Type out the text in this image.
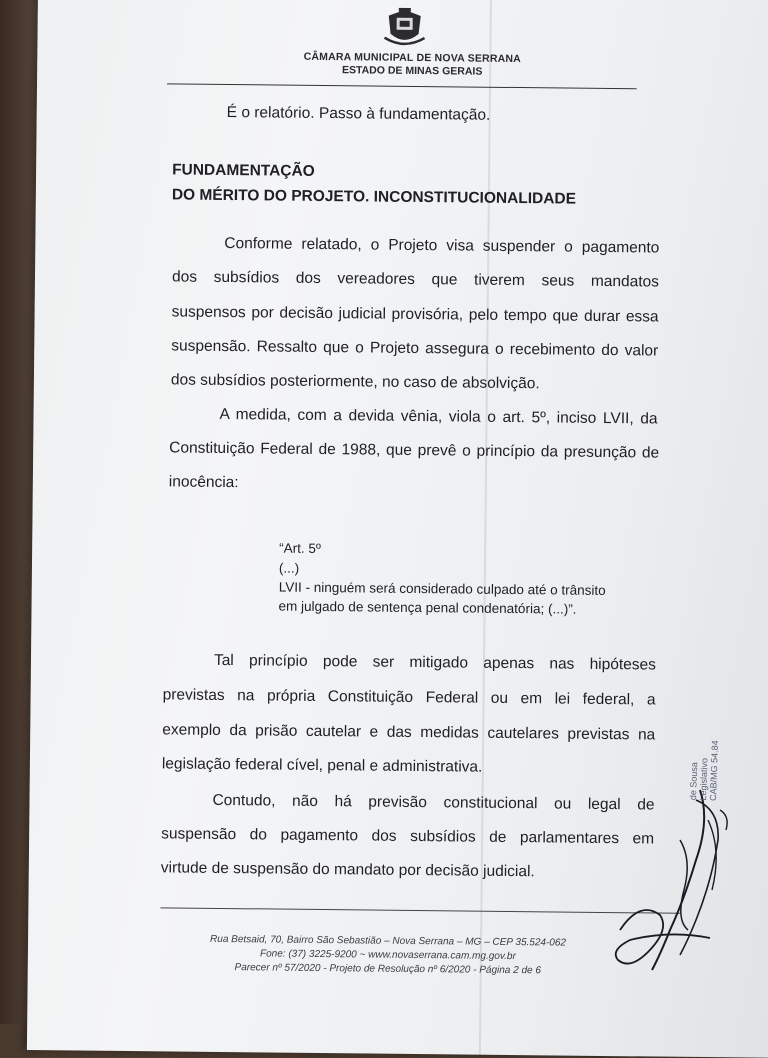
CÂMARA MUNICIPAL DE NOVA SERRANA
ESTADO DE MINAS GERAIS
É o relatório. Passo à fundamentação.
FUNDAMENTAÇÃO
DO MÉRITO DO PROJETO. INCONSTITUCIONALIDADE
Conforme relatado, o Projeto visa suspender o pagamento
dos subsídios dos vereadores que tiverem seus mandatos
suspensos por decisão judicial provisória, pelo tempo que durar essa
suspensão. Ressalto que o Projeto assegura o recebimento do valor
dos subsídios posteriormente, no caso de absolvição.
A medida, com a devida vênia, viola o art. 5º, inciso LVII, da
Constituição Federal de 1988, que prevê o princípio da presunção de
inocência:
“Art. 5º
(...)
LVII - ninguém será considerado culpado até o trânsito
em julgado de sentença penal condenatória; (...)”.
Tal princípio pode ser mitigado apenas nas hipóteses
previstas na própria Constituição Federal ou em lei federal, a
exemplo da prisão cautelar e das medidas cautelares previstas na
legislação federal cível, penal e administrativa.
Contudo, não há previsão constitucional ou legal de
suspensão do pagamento dos subsídios de parlamentares em
virtude de suspensão do mandato por decisão judicial.
Rua Betsaid, 70, Bairro São Sebastião – Nova Serrana – MG – CEP 35.524-062
Fone: (37) 3225-9200 ~ www.novaserrana.cam.mg.gov.br
Parecer nº 57/2020 - Projeto de Resolução nº 6/2020 - Página 2 de 6
de Sousa
Legislativo
CAB/MG 54.84
